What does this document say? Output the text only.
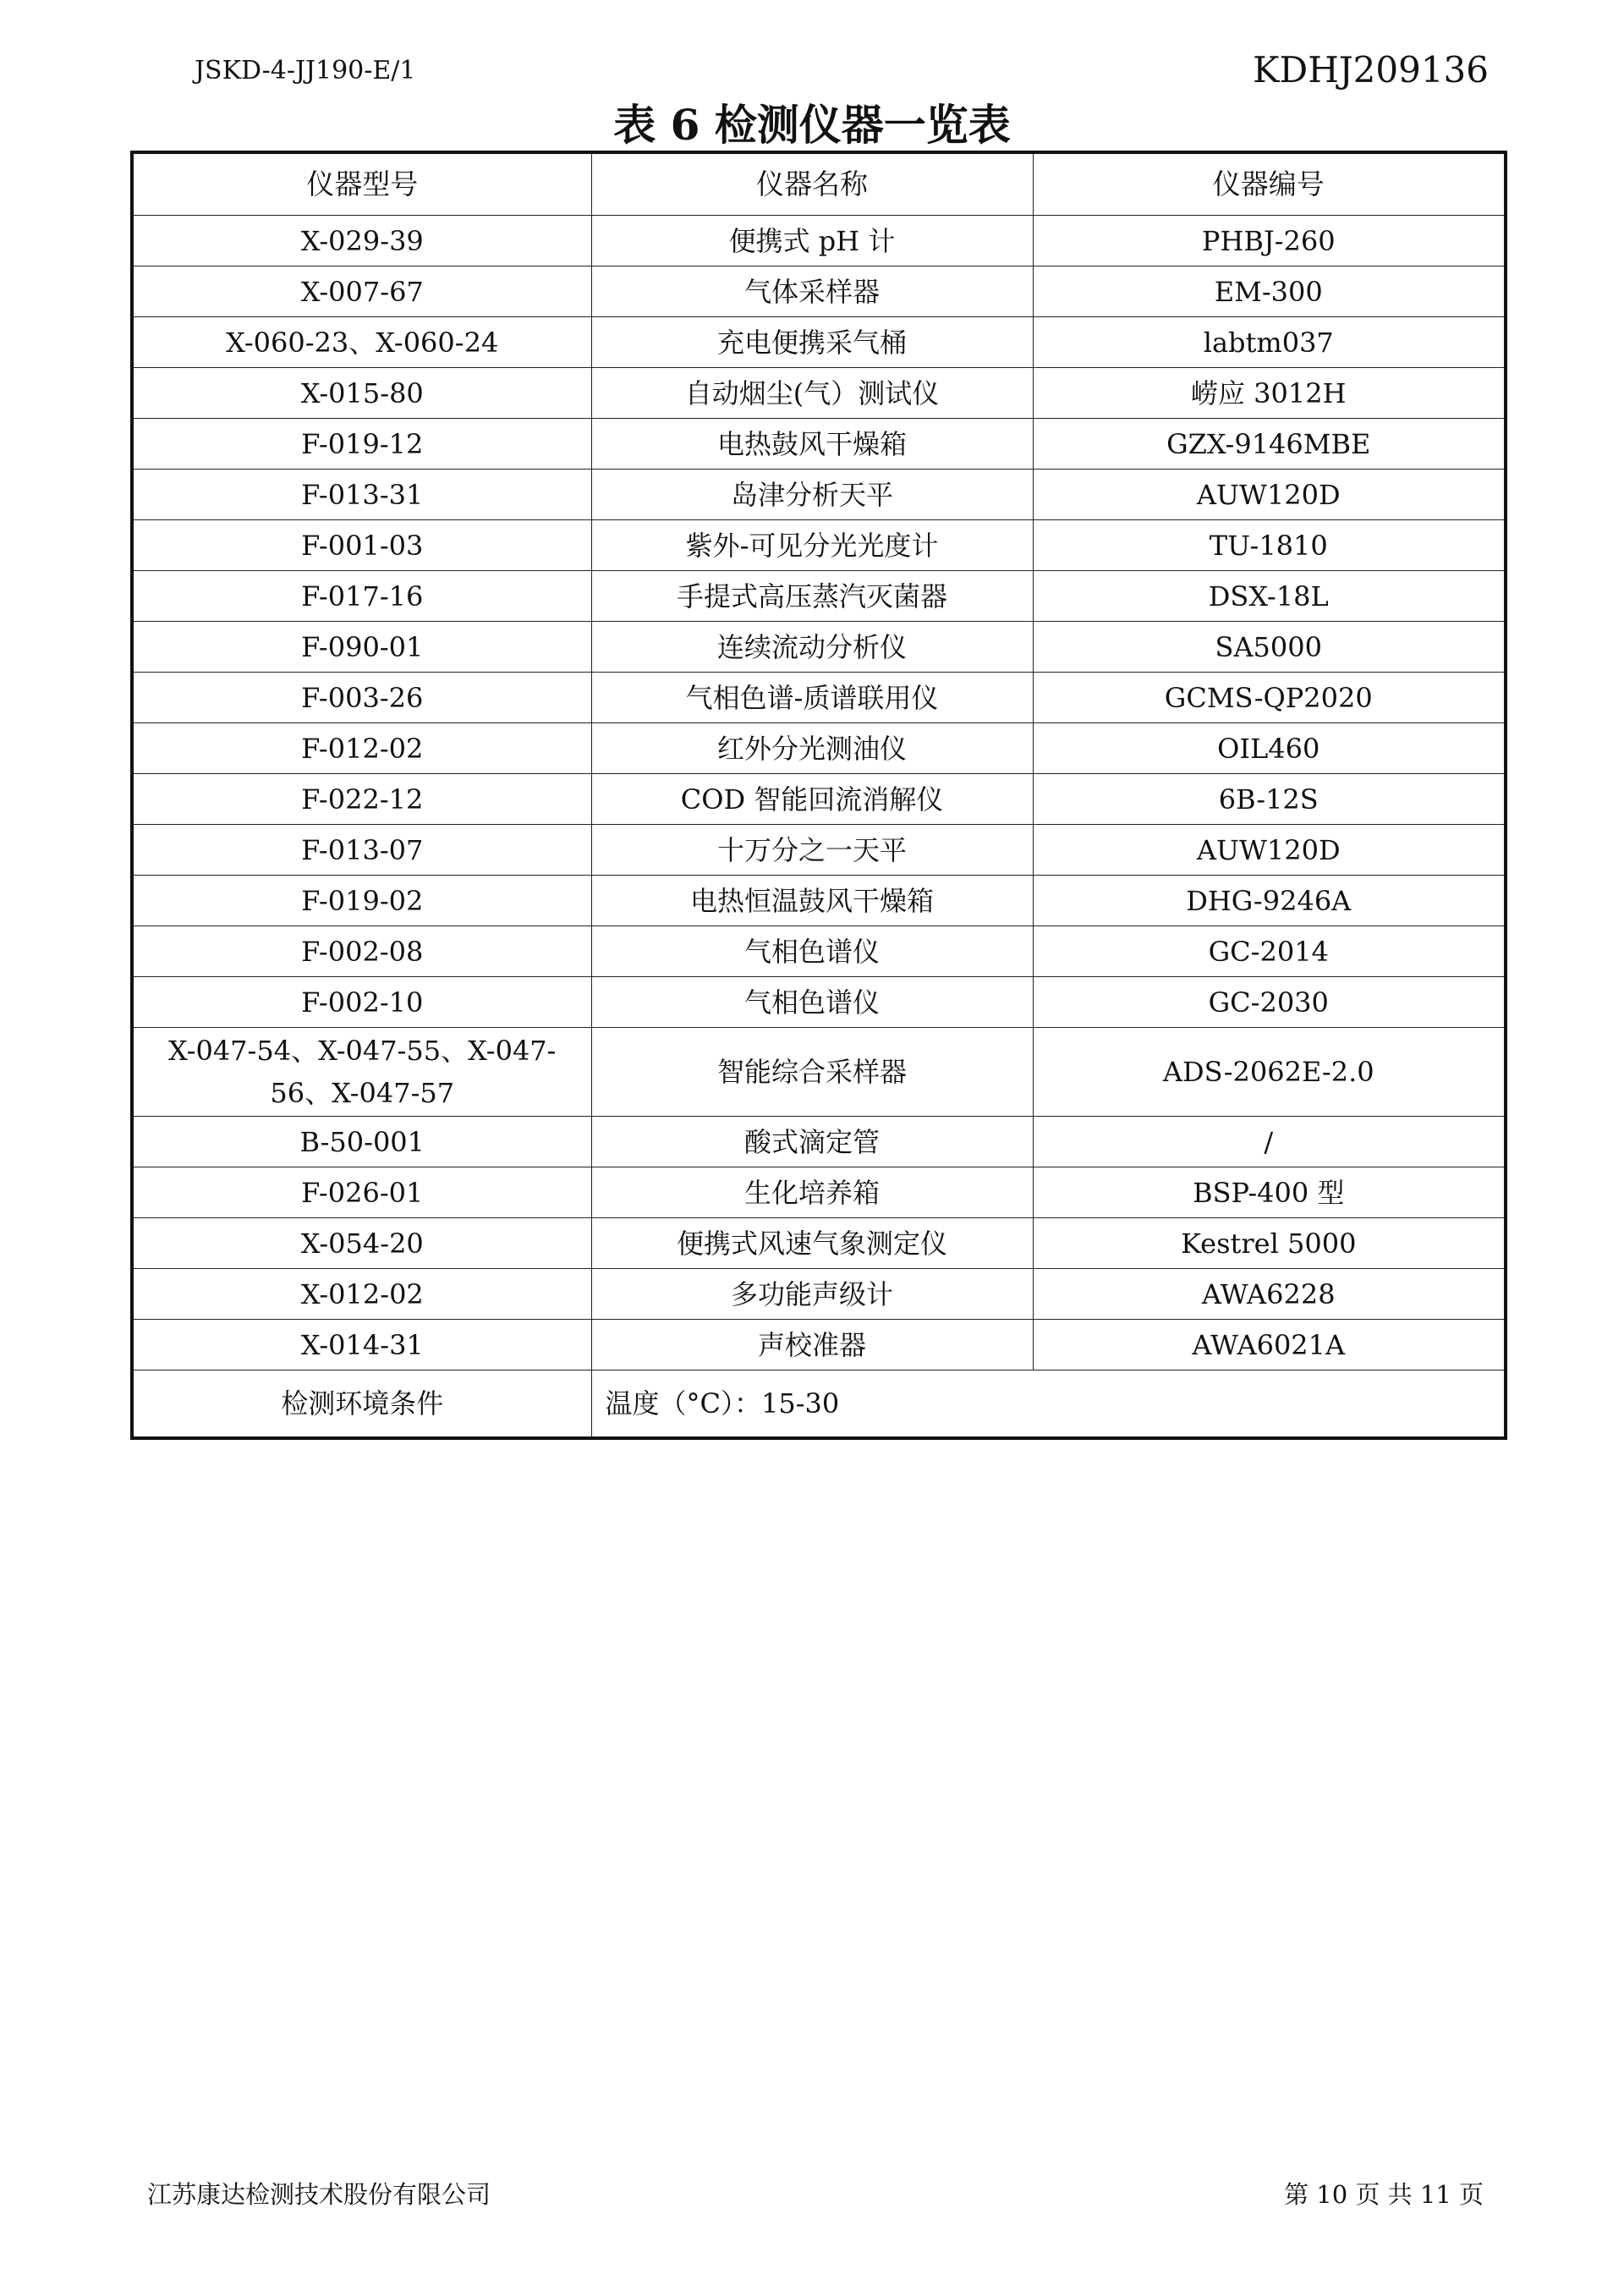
JSKD-4-JJ190-E/1	KDHJ209136
表 6 检测仪器一览表
仪器型号	仪器名称	仪器编号
X-029-39	便携式 pH 计	PHBJ-260
X-007-67	气体采样器	EM-300
X-060-23、X-060-24	充电便携采气桶	labtm037
X-015-80	自动烟尘(气）测试仪	崂应 3012H
F-019-12	电热鼓风干燥箱	GZX-9146MBE
F-013-31	岛津分析天平	AUW120D
F-001-03	紫外-可见分光光度计	TU-1810
F-017-16	手提式高压蒸汽灭菌器	DSX-18L
F-090-01	连续流动分析仪	SA5000
F-003-26	气相色谱-质谱联用仪	GCMS-QP2020
F-012-02	红外分光测油仪	OIL460
F-022-12	COD 智能回流消解仪	6B-12S
F-013-07	十万分之一天平	AUW120D
F-019-02	电热恒温鼓风干燥箱	DHG-9246A
F-002-08	气相色谱仪	GC-2014
F-002-10	气相色谱仪	GC-2030
X-047-54、X-047-55、X-047-56、X-047-57	智能综合采样器	ADS-2062E-2.0
B-50-001	酸式滴定管	/
F-026-01	生化培养箱	BSP-400 型
X-054-20	便携式风速气象测定仪	Kestrel 5000
X-012-02	多功能声级计	AWA6228
X-014-31	声校准器	AWA6021A
检测环境条件	温度（°C）：15-30	
江苏康达检测技术股份有限公司	第 10 页 共 11 页
